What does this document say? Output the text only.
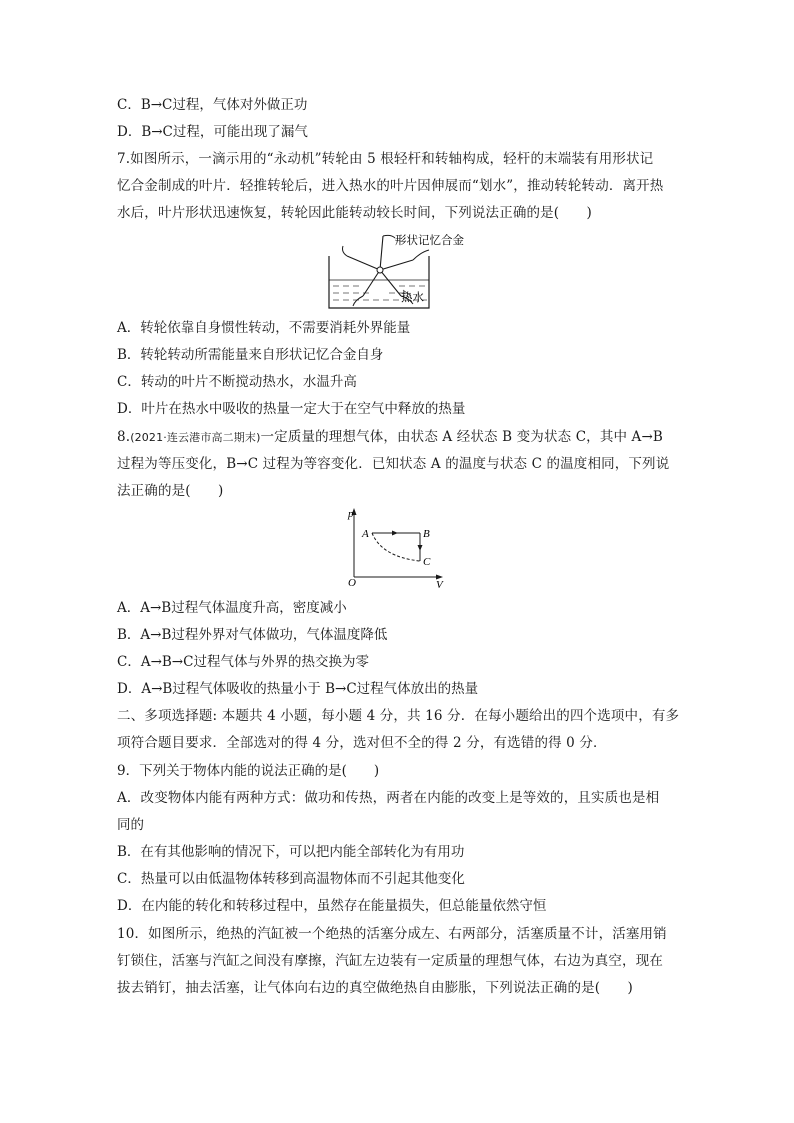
C．B→C过程，气体对外做正功
D．B→C过程，可能出现了漏气
7.如图所示，一滴示用的“永动机”转轮由 5 根轻杆和转轴构成，轻杆的末端装有用形状记
忆合金制成的叶片．轻推转轮后，进入热水的叶片因伸展而“划水”，推动转轮转动．离开热
水后，叶片形状迅速恢复，转轮因此能转动较长时间，下列说法正确的是(　　)
形状记忆合金
热水
A．转轮依靠自身惯性转动，不需要消耗外界能量
B．转轮转动所需能量来自形状记忆合金自身
C．转动的叶片不断搅动热水，水温升高
D．叶片在热水中吸收的热量一定大于在空气中释放的热量
8.(2021·连云港市高二期末)一定质量的理想气体，由状态 A 经状态 B 变为状态 C，其中 A→B
过程为等压变化，B→C 过程为等容变化．已知状态 A 的温度与状态 C 的温度相同，下列说
法正确的是(　　)
p
V
O
A	B
C
A．A→B过程气体温度升高，密度减小
B．A→B过程外界对气体做功，气体温度降低
C．A→B→C过程气体与外界的热交换为零
D．A→B过程气体吸收的热量小于 B→C过程气体放出的热量
二、多项选择题: 本题共 4 小题，每小题 4 分，共 16 分．在每小题给出的四个选项中，有多
项符合题目要求．全部选对的得 4 分，选对但不全的得 2 分，有选错的得 0 分．
9．下列关于物体内能的说法正确的是(　　)
A．改变物体内能有两种方式：做功和传热，两者在内能的改变上是等效的，且实质也是相
同的
B．在有其他影响的情况下，可以把内能全部转化为有用功
C．热量可以由低温物体转移到高温物体而不引起其他变化
D．在内能的转化和转移过程中，虽然存在能量损失，但总能量依然守恒
10．如图所示，绝热的汽缸被一个绝热的活塞分成左、右两部分，活塞质量不计，活塞用销
钉锁住，活塞与汽缸之间没有摩擦，汽缸左边装有一定质量的理想气体，右边为真空，现在
拔去销钉，抽去活塞，让气体向右边的真空做绝热自由膨胀，下列说法正确的是(　　)
